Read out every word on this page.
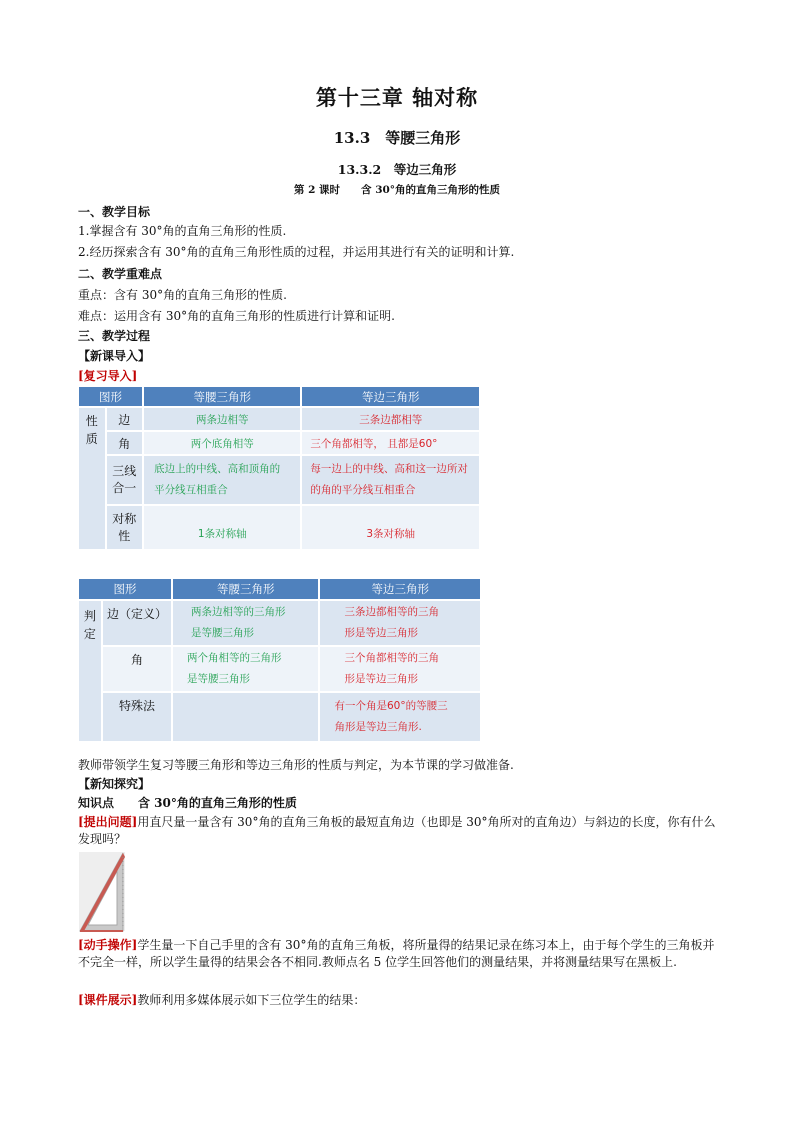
第十三章 轴对称
13.3　等腰三角形
13.3.2　等边三角形
第 2 课时　　含 30°角的直角三角形的性质
一、教学目标
1.掌握含有 30°角的直角三角形的性质.
2.经历探索含有 30°角的直角三角形性质的过程，并运用其进行有关的证明和计算.
二、教学重难点
重点：含有 30°角的直角三角形的性质.
难点：运用含有 30°角的直角三角形的性质进行计算和证明.
三、教学过程
【新课导入】
[复习导入]
图形		等腰三角形	等边三角形

性质	边	两条边相等	三条边都相等
	角	两个底角相等	三个角都相等， 且都是60°

	三线合一	底边上的中线、高和顶角的平分线互相重合	每一边上的中线、高和这一边所对的角的平分线互相重合

	对称性	1条对称轴	3条对称轴
图形		等腰三角形	等边三角形

判定	边（定义）	两条边相等的三角形是等腰三角形	三条边都相等的三角形是等边三角形

	角	两个角相等的三角形是等腰三角形	三个角都相等的三角形是等边三角形

	特殊法		有一个角是60°的等腰三角形是等边三角形.
教师带领学生复习等腰三角形和等边三角形的性质与判定，为本节课的学习做准备.
【新知探究】
知识点　　含 30°角的直角三角形的性质
[提出问题]用直尺量一量含有 30°角的直角三角板的最短直角边（也即是 30°角所对的直角边）与斜边的长度，你有什么发现吗？
[动手操作]学生量一下自己手里的含有 30°角的直角三角板，将所量得的结果记录在练习本上，由于每个学生的三角板并不完全一样，所以学生量得的结果会各不相同.教师点名 5 位学生回答他们的测量结果，并将测量结果写在黑板上.
[课件展示]教师利用多媒体展示如下三位学生的结果：
